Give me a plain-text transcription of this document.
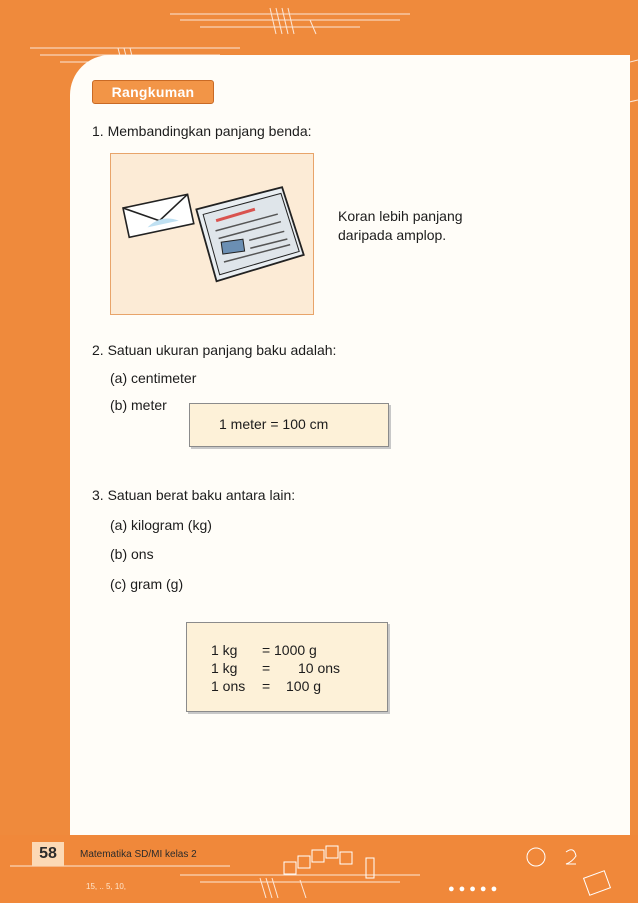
Rangkuman
1. Membandingkan panjang benda:
Koran lebih panjang
daripada amplop.
2. Satuan ukuran panjang baku adalah:
(a) centimeter
(b) meter
1 meter = 100 cm
3. Satuan berat baku antara lain:
(a) kilogram (kg)
(b) ons
(c) gram (g)
1 kg = 1000 g
1 kg = 10 ons
1 ons = 100 g
58	Matematika SD/MI kelas 2
15, .. 5, 10,	●●●●●
